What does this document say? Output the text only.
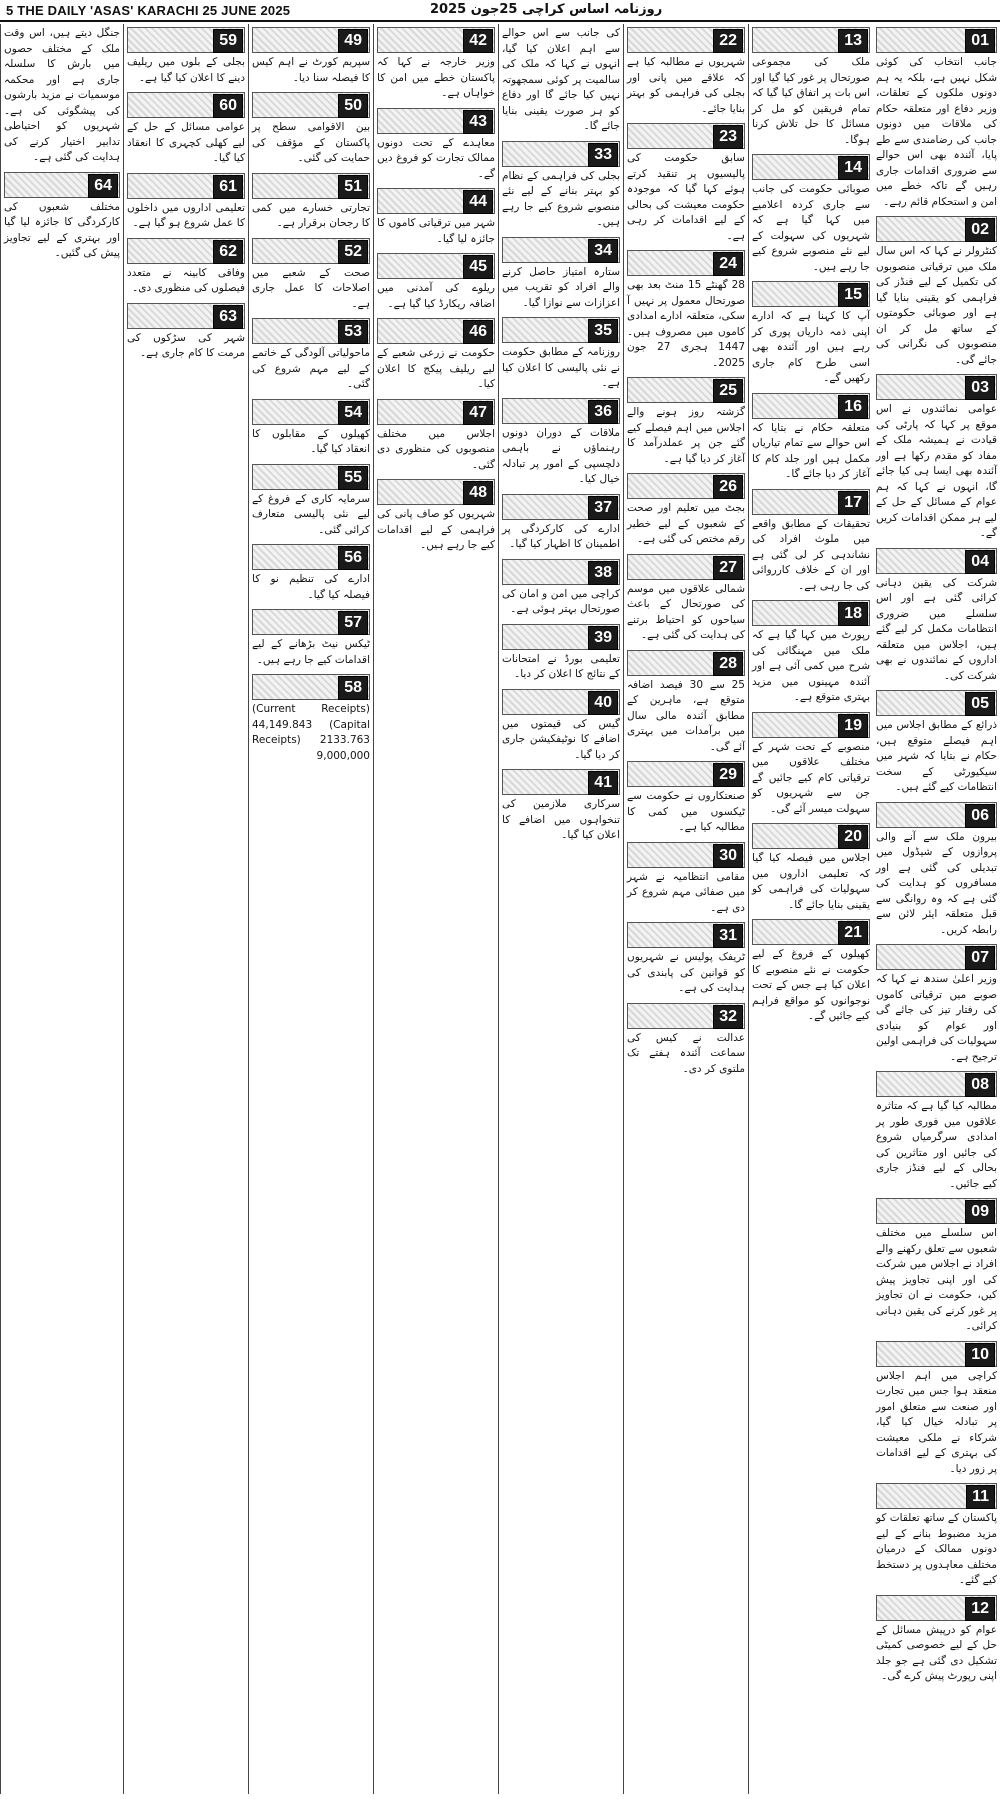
5 THE DAILY 'ASAS' KARACHI 25 JUNE 2025	روزنامہ اساس کراچی 25جون 2025
01
جانب انتخاب کی کوئی شکل نہیں ہے، بلکہ یہ ہم دونوں ملکوں کے تعلقات، وزیر دفاع اور متعلقہ حکام کی ملاقات میں دونوں جانب کی رضامندی سے طے پایا، آئندہ بھی اس حوالے سے ضروری اقدامات جاری رہیں گے تاکہ خطے میں امن و استحکام قائم رہے۔
02
کنٹرولر نے کہا کہ اس سال ملک میں ترقیاتی منصوبوں کی تکمیل کے لیے فنڈز کی فراہمی کو یقینی بنایا گیا ہے اور صوبائی حکومتوں کے ساتھ مل کر ان منصوبوں کی نگرانی کی جائے گی۔
03
عوامی نمائندوں نے اس موقع پر کہا کہ پارٹی کی قیادت نے ہمیشہ ملک کے مفاد کو مقدم رکھا ہے اور آئندہ بھی ایسا ہی کیا جائے گا، انہوں نے کہا کہ ہم عوام کے مسائل کے حل کے لیے ہر ممکن اقدامات کریں گے۔
04
شرکت کی یقین دہانی کرائی گئی ہے اور اس سلسلے میں ضروری انتظامات مکمل کر لیے گئے ہیں، اجلاس میں متعلقہ اداروں کے نمائندوں نے بھی شرکت کی۔
05
ذرائع کے مطابق اجلاس میں اہم فیصلے متوقع ہیں، حکام نے بتایا کہ شہر میں سیکیورٹی کے سخت انتظامات کیے گئے ہیں۔
06
بیرون ملک سے آنے والی پروازوں کے شیڈول میں تبدیلی کی گئی ہے اور مسافروں کو ہدایت کی گئی ہے کہ وہ روانگی سے قبل متعلقہ ایئر لائن سے رابطہ کریں۔
07
وزیر اعلیٰ سندھ نے کہا کہ صوبے میں ترقیاتی کاموں کی رفتار تیز کی جائے گی اور عوام کو بنیادی سہولیات کی فراہمی اولین ترجیح ہے۔
08
مطالبہ کیا گیا ہے کہ متاثرہ علاقوں میں فوری طور پر امدادی سرگرمیاں شروع کی جائیں اور متاثرین کی بحالی کے لیے فنڈز جاری کیے جائیں۔
09
اس سلسلے میں مختلف شعبوں سے تعلق رکھنے والے افراد نے اجلاس میں شرکت کی اور اپنی تجاویز پیش کیں، حکومت نے ان تجاویز پر غور کرنے کی یقین دہانی کرائی۔
10
کراچی میں اہم اجلاس منعقد ہوا جس میں تجارت اور صنعت سے متعلق امور پر تبادلہ خیال کیا گیا، شرکاء نے ملکی معیشت کی بہتری کے لیے اقدامات پر زور دیا۔
11
پاکستان کے ساتھ تعلقات کو مزید مضبوط بنانے کے لیے دونوں ممالک کے درمیان مختلف معاہدوں پر دستخط کیے گئے۔
12
عوام کو درپیش مسائل کے حل کے لیے خصوصی کمیٹی تشکیل دی گئی ہے جو جلد اپنی رپورٹ پیش کرے گی۔
13
ملک کی مجموعی صورتحال پر غور کیا گیا اور اس بات پر اتفاق کیا گیا کہ تمام فریقین کو مل کر مسائل کا حل تلاش کرنا ہوگا۔
14
صوبائی حکومت کی جانب سے جاری کردہ اعلامیے میں کہا گیا ہے کہ شہریوں کی سہولت کے لیے نئے منصوبے شروع کیے جا رہے ہیں۔
15
آپ کا کہنا ہے کہ ادارے اپنی ذمہ داریاں پوری کر رہے ہیں اور آئندہ بھی اسی طرح کام جاری رکھیں گے۔
16
متعلقہ حکام نے بتایا کہ اس حوالے سے تمام تیاریاں مکمل ہیں اور جلد کام کا آغاز کر دیا جائے گا۔
17
تحقیقات کے مطابق واقعے میں ملوث افراد کی نشاندہی کر لی گئی ہے اور ان کے خلاف کارروائی کی جا رہی ہے۔
18
رپورٹ میں کہا گیا ہے کہ ملک میں مہنگائی کی شرح میں کمی آئی ہے اور آئندہ مہینوں میں مزید بہتری متوقع ہے۔
19
منصوبے کے تحت شہر کے مختلف علاقوں میں ترقیاتی کام کیے جائیں گے جن سے شہریوں کو سہولت میسر آئے گی۔
20
اجلاس میں فیصلہ کیا گیا کہ تعلیمی اداروں میں سہولیات کی فراہمی کو یقینی بنایا جائے گا۔
21
کھیلوں کے فروغ کے لیے حکومت نے نئے منصوبے کا اعلان کیا ہے جس کے تحت نوجوانوں کو مواقع فراہم کیے جائیں گے۔
22
شہریوں نے مطالبہ کیا ہے کہ علاقے میں پانی اور بجلی کی فراہمی کو بہتر بنایا جائے۔
23
سابق حکومت کی پالیسیوں پر تنقید کرتے ہوئے کہا گیا کہ موجودہ حکومت معیشت کی بحالی کے لیے اقدامات کر رہی ہے۔
24
28 گھنٹے 15 منٹ بعد بھی صورتحال معمول پر نہیں آ سکی، متعلقہ ادارے امدادی کاموں میں مصروف ہیں۔ 1447 ہجری 27 جون 2025۔
25
گزشتہ روز ہونے والے اجلاس میں اہم فیصلے کیے گئے جن پر عملدرآمد کا آغاز کر دیا گیا ہے۔
26
بجٹ میں تعلیم اور صحت کے شعبوں کے لیے خطیر رقم مختص کی گئی ہے۔
27
شمالی علاقوں میں موسم کی صورتحال کے باعث سیاحوں کو احتیاط برتنے کی ہدایت کی گئی ہے۔
28
25 سے 30 فیصد اضافہ متوقع ہے، ماہرین کے مطابق آئندہ مالی سال میں برآمدات میں بہتری آئے گی۔
29
صنعتکاروں نے حکومت سے ٹیکسوں میں کمی کا مطالبہ کیا ہے۔
30
مقامی انتظامیہ نے شہر میں صفائی مہم شروع کر دی ہے۔
31
ٹریفک پولیس نے شہریوں کو قوانین کی پابندی کی ہدایت کی ہے۔
32
عدالت نے کیس کی سماعت آئندہ ہفتے تک ملتوی کر دی۔
کی جانب سے اس حوالے سے اہم اعلان کیا گیا، انہوں نے کہا کہ ملک کی سالمیت پر کوئی سمجھوتہ نہیں کیا جائے گا اور دفاع کو ہر صورت یقینی بنایا جائے گا۔
33
بجلی کی فراہمی کے نظام کو بہتر بنانے کے لیے نئے منصوبے شروع کیے جا رہے ہیں۔
34
ستارہ امتیاز حاصل کرنے والے افراد کو تقریب میں اعزازات سے نوازا گیا۔
35
روزنامہ کے مطابق حکومت نے نئی پالیسی کا اعلان کیا ہے۔
36
ملاقات کے دوران دونوں رہنماؤں نے باہمی دلچسپی کے امور پر تبادلہ خیال کیا۔
37
ادارے کی کارکردگی پر اطمینان کا اظہار کیا گیا۔
38
کراچی میں امن و امان کی صورتحال بہتر ہوئی ہے۔
39
تعلیمی بورڈ نے امتحانات کے نتائج کا اعلان کر دیا۔
40
گیس کی قیمتوں میں اضافے کا نوٹیفکیشن جاری کر دیا گیا۔
41
سرکاری ملازمین کی تنخواہوں میں اضافے کا اعلان کیا گیا۔
42
وزیر خارجہ نے کہا کہ پاکستان خطے میں امن کا خواہاں ہے۔
43
معاہدے کے تحت دونوں ممالک تجارت کو فروغ دیں گے۔
44
شہر میں ترقیاتی کاموں کا جائزہ لیا گیا۔
45
ریلوے کی آمدنی میں اضافہ ریکارڈ کیا گیا ہے۔
46
حکومت نے زرعی شعبے کے لیے ریلیف پیکج کا اعلان کیا۔
47
اجلاس میں مختلف منصوبوں کی منظوری دی گئی۔
48
شہریوں کو صاف پانی کی فراہمی کے لیے اقدامات کیے جا رہے ہیں۔
49
سپریم کورٹ نے اہم کیس کا فیصلہ سنا دیا۔
50
بین الاقوامی سطح پر پاکستان کے مؤقف کی حمایت کی گئی۔
51
تجارتی خسارے میں کمی کا رجحان برقرار ہے۔
52
صحت کے شعبے میں اصلاحات کا عمل جاری ہے۔
53
ماحولیاتی آلودگی کے خاتمے کے لیے مہم شروع کی گئی۔
54
کھیلوں کے مقابلوں کا انعقاد کیا گیا۔
55
سرمایہ کاری کے فروغ کے لیے نئی پالیسی متعارف کرائی گئی۔
56
ادارے کی تنظیم نو کا فیصلہ کیا گیا۔
57
ٹیکس نیٹ بڑھانے کے لیے اقدامات کیے جا رہے ہیں۔
58
(Current Receipts) 44,149.843 (Capital Receipts) 2133.763 9,000,000
59
بجلی کے بلوں میں ریلیف دینے کا اعلان کیا گیا ہے۔
60
عوامی مسائل کے حل کے لیے کھلی کچہری کا انعقاد کیا گیا۔
61
تعلیمی اداروں میں داخلوں کا عمل شروع ہو گیا ہے۔
62
وفاقی کابینہ نے متعدد فیصلوں کی منظوری دی۔
63
شہر کی سڑکوں کی مرمت کا کام جاری ہے۔
جنگل دیتے ہیں، اس وقت ملک کے مختلف حصوں میں بارش کا سلسلہ جاری ہے اور محکمہ موسمیات نے مزید بارشوں کی پیشگوئی کی ہے۔ شہریوں کو احتیاطی تدابیر اختیار کرنے کی ہدایت کی گئی ہے۔
64
مختلف شعبوں کی کارکردگی کا جائزہ لیا گیا اور بہتری کے لیے تجاویز پیش کی گئیں۔
